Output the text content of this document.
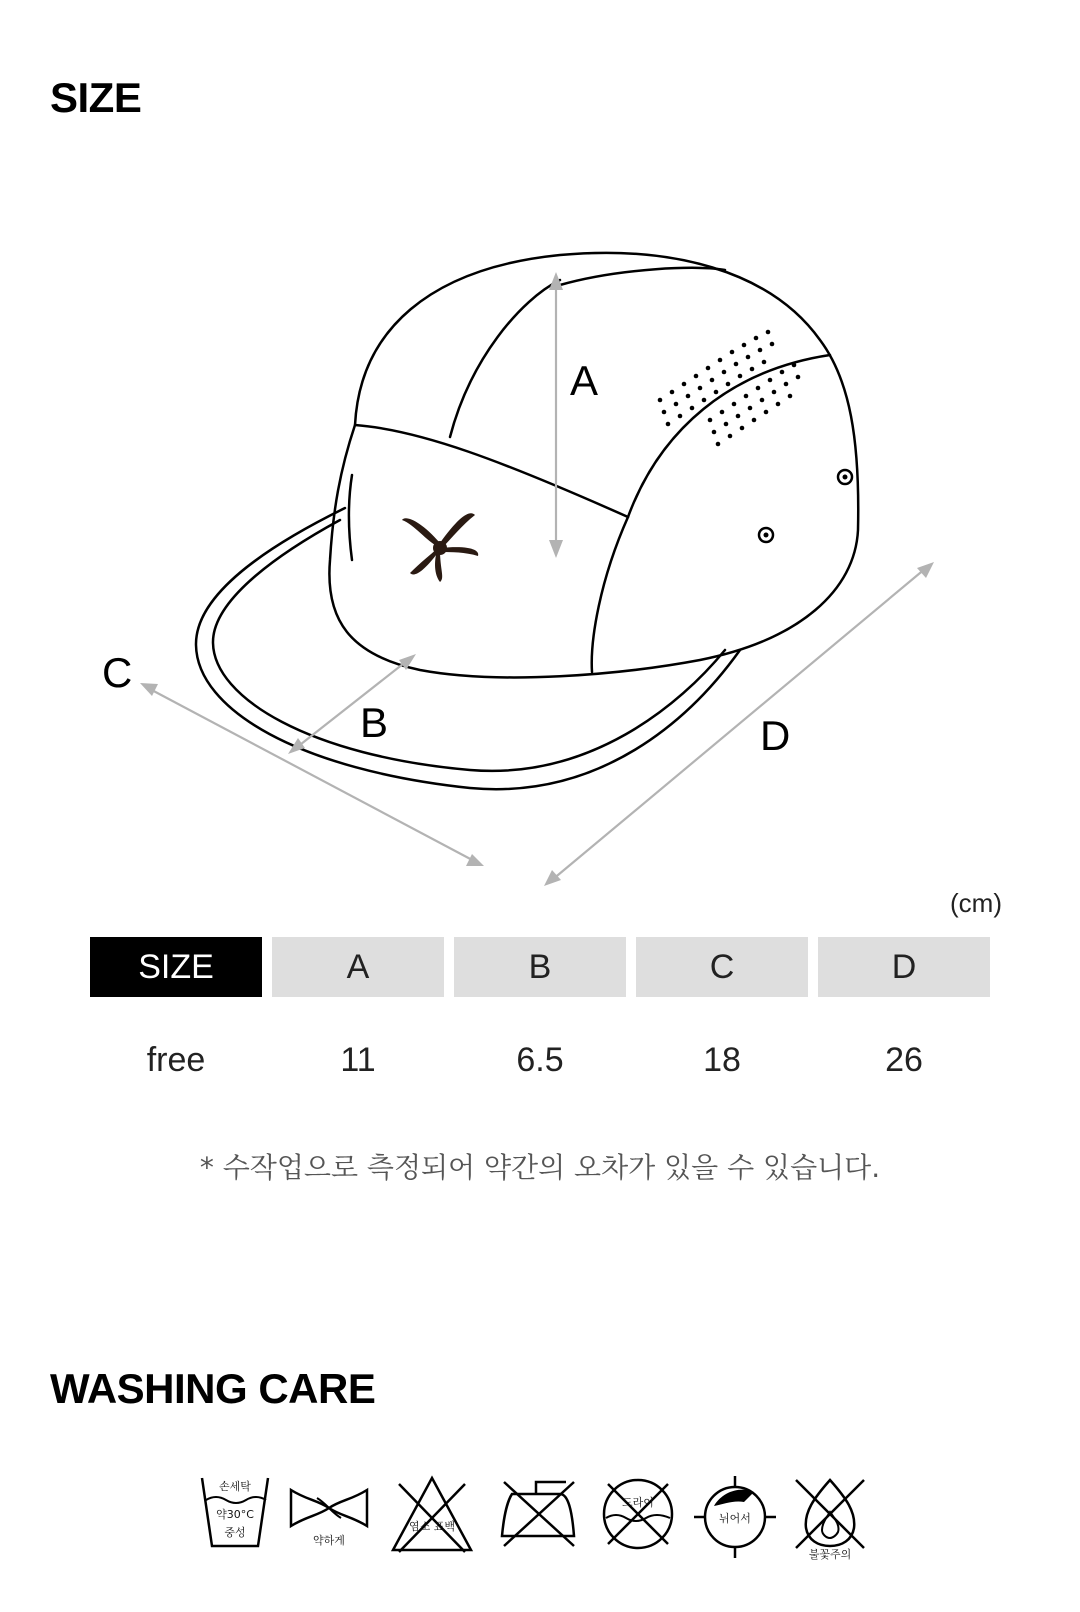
SIZE
A
B
C
D
(cm)
SIZE	A	B	C	D
free	11	6.5	18	26
* 수작업으로 측정되어 약간의 오차가 있을 수 있습니다.
WASHING CARE
손세탁
약30°C
중성
약하게
염소 표백
드라이
뉘어서
불꽃주의
